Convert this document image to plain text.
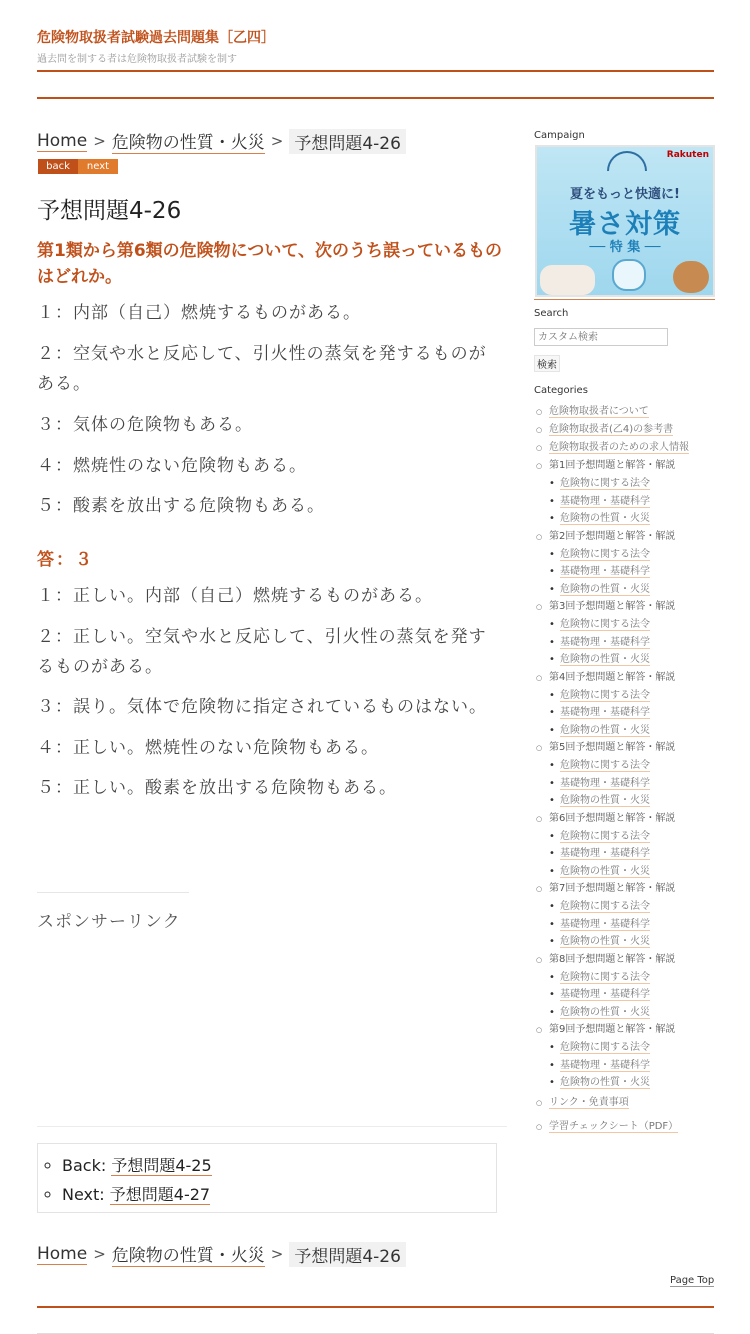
危険物取扱者試験過去問題集［乙四］
過去問を制する者は危険物取扱者試験を制す
Home > 危険物の性質・火災 > 予想問題4-26
back	next
予想問題4-26
第1類から第6類の危険物について、次のうち誤っているものはどれか。
１：内部（自己）燃焼するものがある。
２：空気や水と反応して、引火性の蒸気を発するものがある。
３：気体の危険物もある。
４：燃焼性のない危険物もある。
５：酸素を放出する危険物もある。
答：３
１：正しい。内部（自己）燃焼するものがある。
２：正しい。空気や水と反応して、引火性の蒸気を発するものがある。
３：誤り。気体で危険物に指定されているものはない。
４：正しい。燃焼性のない危険物もある。
５：正しい。酸素を放出する危険物もある。
スポンサーリンク
◦ Back: 予想問題4-25
◦ Next: 予想問題4-27
Home > 危険物の性質・火災 > 予想問題4-26
Page Top
Campaign
Rakuten
夏をもっと快適に!
暑さ対策
── 特 集 ──
Search
カスタム検索
検索
Categories
○ 危険物取扱者について
○ 危険物取扱者(乙4)の参考書
○ 危険物取扱者のための求人情報
○ 第1回予想問題と解答・解説
• 危険物に関する法令
• 基礎物理・基礎科学
• 危険物の性質・火災
○ 第2回予想問題と解答・解説
• 危険物に関する法令
• 基礎物理・基礎科学
• 危険物の性質・火災
○ 第3回予想問題と解答・解説
• 危険物に関する法令
• 基礎物理・基礎科学
• 危険物の性質・火災
○ 第4回予想問題と解答・解説
• 危険物に関する法令
• 基礎物理・基礎科学
• 危険物の性質・火災
○ 第5回予想問題と解答・解説
• 危険物に関する法令
• 基礎物理・基礎科学
• 危険物の性質・火災
○ 第6回予想問題と解答・解説
• 危険物に関する法令
• 基礎物理・基礎科学
• 危険物の性質・火災
○ 第7回予想問題と解答・解説
• 危険物に関する法令
• 基礎物理・基礎科学
• 危険物の性質・火災
○ 第8回予想問題と解答・解説
• 危険物に関する法令
• 基礎物理・基礎科学
• 危険物の性質・火災
○ 第9回予想問題と解答・解説
• 危険物に関する法令
• 基礎物理・基礎科学
• 危険物の性質・火災
○ リンク・免責事項
○ 学習チェックシート（PDF）
